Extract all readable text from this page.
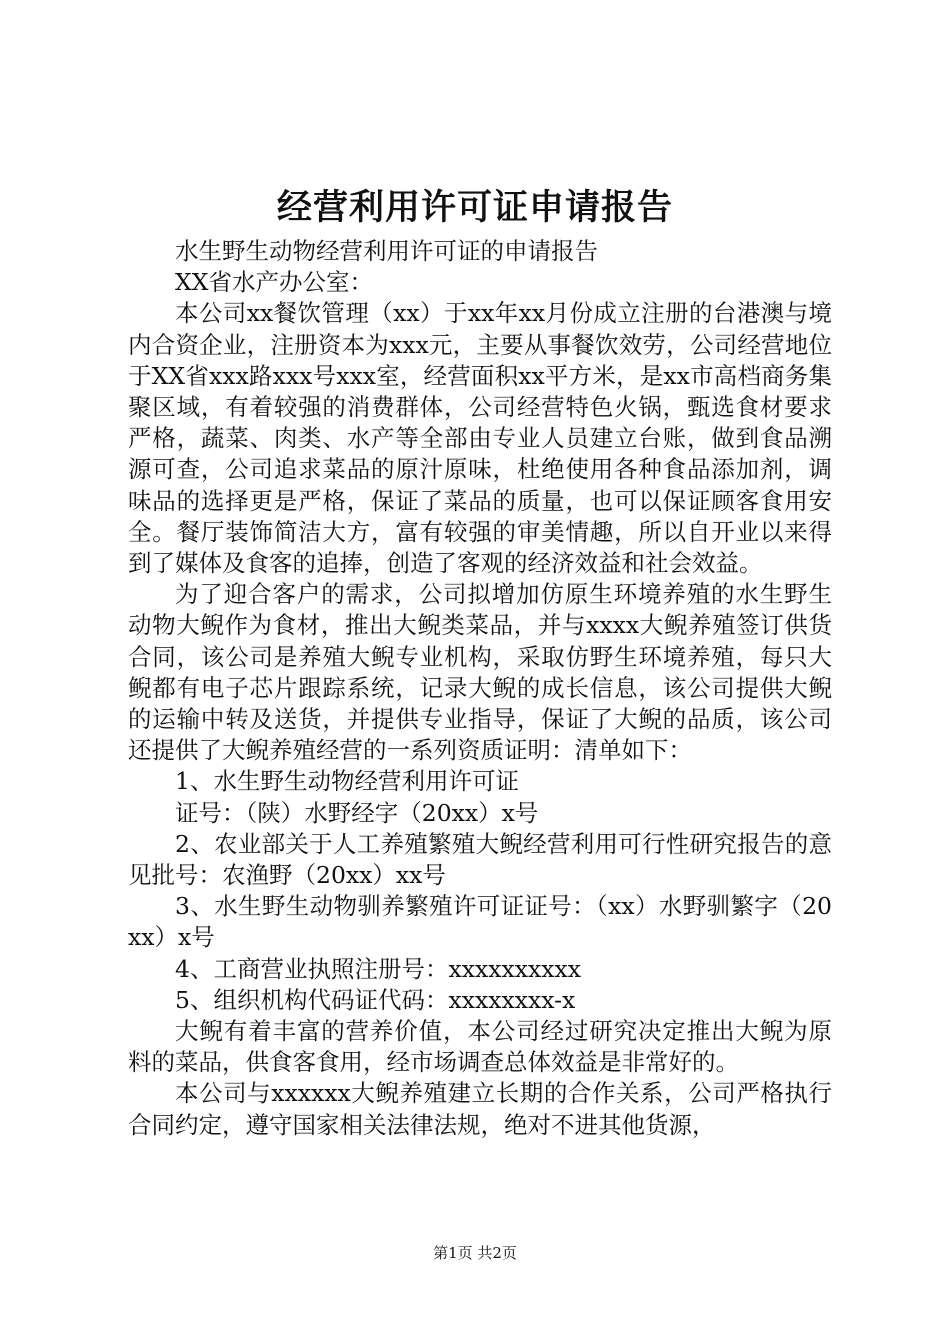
经营利用许可证申请报告

水生野生动物经营利用许可证的申请报告

XX省水产办公室：

本公司xx餐饮管理（xx）于xx年xx月份成立注册的台港澳与境内合资企业，注册资本为xxx元，主要从事餐饮效劳，公司经营地位于XX省xxx路xxx号xxx室，经营面积xx平方米，是xx市高档商务集聚区域，有着较强的消费群体，公司经营特色火锅，甄选食材要求严格，蔬菜、肉类、水产等全部由专业人员建立台账，做到食品溯源可查，公司追求菜品的原汁原味，杜绝使用各种食品添加剂，调味品的选择更是严格，保证了菜品的质量，也可以保证顾客食用安全。餐厅装饰简洁大方，富有较强的审美情趣，所以自开业以来得到了媒体及食客的追捧，创造了客观的经济效益和社会效益。

为了迎合客户的需求，公司拟增加仿原生环境养殖的水生野生动物大鲵作为食材，推出大鲵类菜品，并与xxxx大鲵养殖签订供货合同，该公司是养殖大鲵专业机构，采取仿野生环境养殖，每只大鲵都有电子芯片跟踪系统，记录大鲵的成长信息，该公司提供大鲵的运输中转及送货，并提供专业指导，保证了大鲵的品质，该公司还提供了大鲵养殖经营的一系列资质证明：清单如下：

1、水生野生动物经营利用许可证

证号：（陕）水野经字（20xx）x号

2、农业部关于人工养殖繁殖大鲵经营利用可行性研究报告的意见批号：农渔野（20xx）xx号

3、水生野生动物驯养繁殖许可证证号：（xx）水野驯繁字（20xx）x号

4、工商营业执照注册号：xxxxxxxxxx

5、组织机构代码证代码：xxxxxxxx-x

大鲵有着丰富的营养价值，本公司经过研究决定推出大鲵为原料的菜品，供食客食用，经市场调查总体效益是非常好的。

本公司与xxxxxx大鲵养殖建立长期的合作关系，公司严格执行合同约定，遵守国家相关法律法规，绝对不进其他货源，

第1页 共2页
